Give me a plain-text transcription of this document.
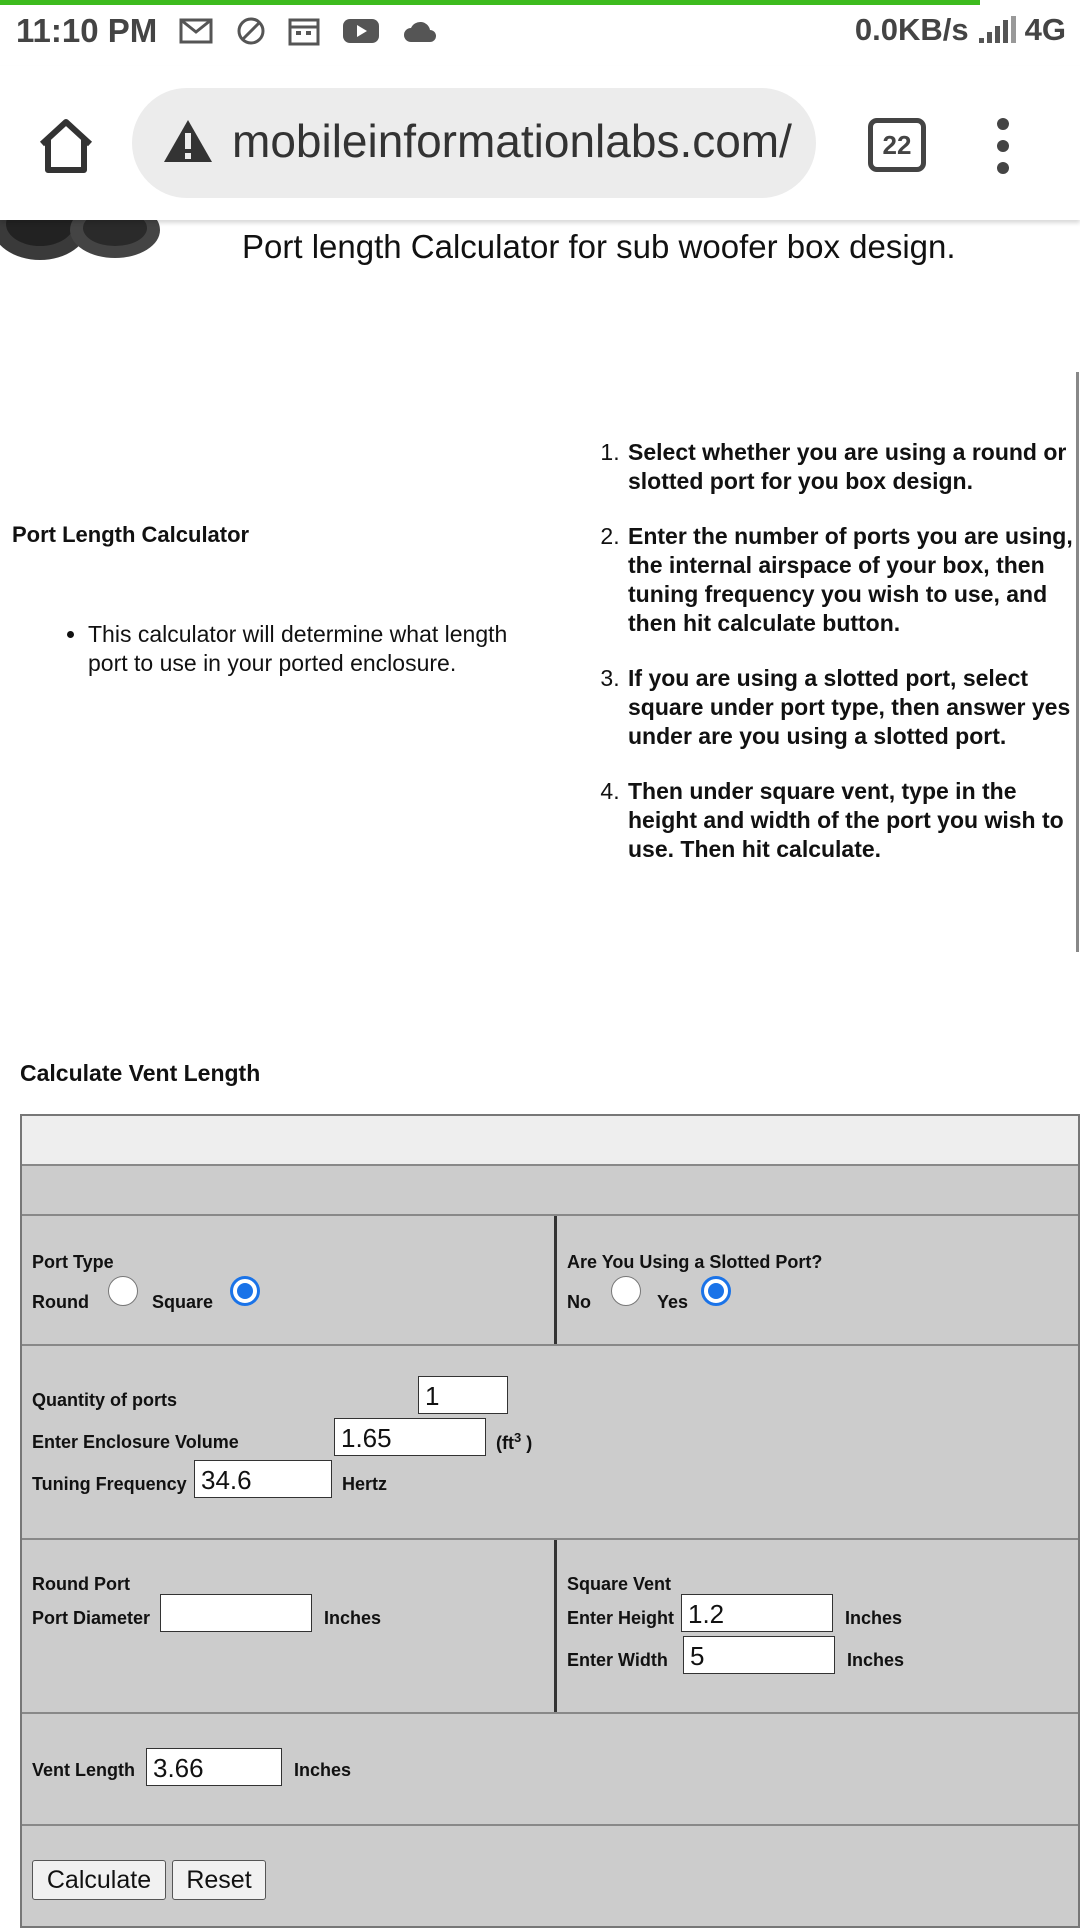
11:10 PM	0.0KB/s 4G
mobileinformationlabs.com/	22
Port length Calculator for sub woofer box design.
Port Length Calculator
• This calculator will determine what length port to use in your ported enclosure.
1. Select whether you are using a round or slotted port for you box design.
2. Enter the number of ports you are using, the internal airspace of your box, then tuning frequency you wish to use, and then hit calculate button.
3. If you are using a slotted port, select square under port type, then answer yes under are you using a slotted port.
4. Then under square vent, type in the height and width of the port you wish to use. Then hit calculate.
Calculate Vent Length
Port Type
Round	Square
Are You Using a Slotted Port?
No	Yes
Quantity of ports	1
Enter Enclosure Volume	1.65	($ft^3$ )
Tuning Frequency 34.6	Hertz
Round Port
Port Diameter	Inches
Square Vent
Enter Height 1.2	Inches
Enter Width 5	Inches
Vent Length 3.66	Inches
Calculate	Reset
